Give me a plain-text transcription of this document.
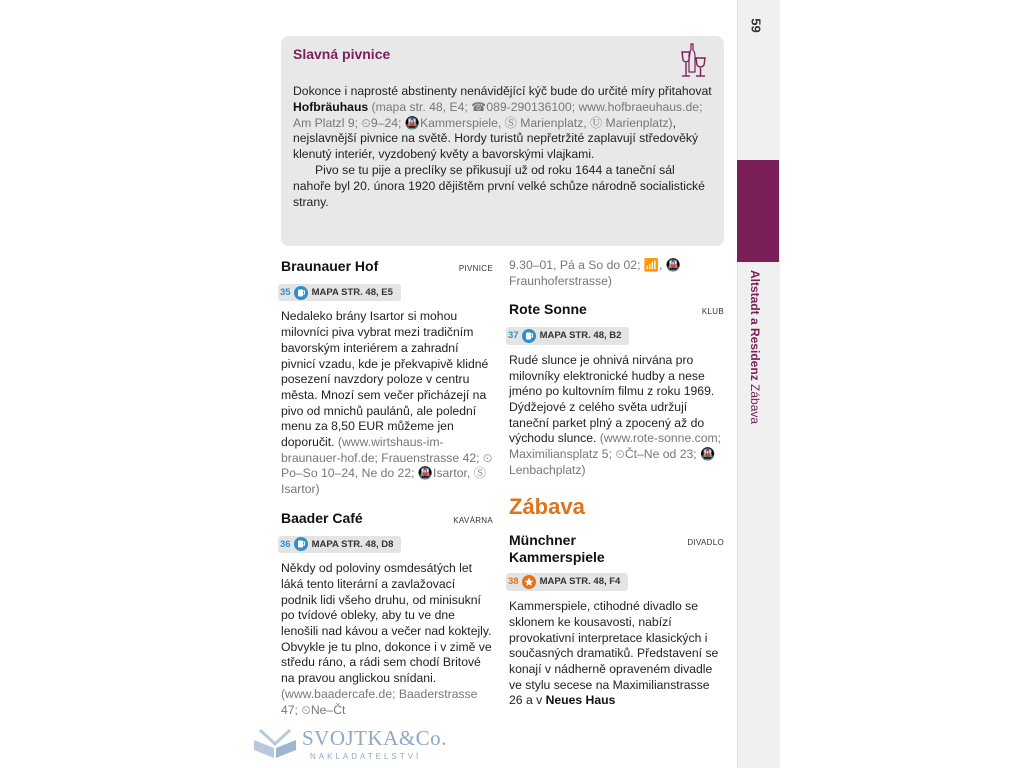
59
Altstadt a Residenz Zábava
Slavná pivnice

Dokonce i naprosté abstinenty nenávidějící kýč bude do určité míry přitahovat Hofbräuhaus (mapa str. 48, E4; ☎089-290136100; www.hofbraeuhaus.de; Am Platzl 9; ⏲9–24; 🚇Kammerspiele, Ⓢ Marienplatz, Ⓤ Marienplatz), nejslavnější pivnice na světě. Hordy turistů nepřetržité zaplavují středověký klenutý interiér, vyzdobený květy a bavorskými vlajkami.

Pivo se tu pije a preclíky se přikusují už od roku 1644 a taneční sál nahoře byl 20. února 1920 dějištěm první velké schůze národně socialistické strany.

Braunauer Hof	PIVNICE
35 MAPA STR. 48, E5

Nedaleko brány Isartor si mohou milovníci piva vybrat mezi tradičním bavorským interiérem a zahradní pivnicí vzadu, kde je překvapivě klidné posezení navzdory poloze v centru města. Mnozí sem večer přicházejí na pivo od mnichů paulánů, ale polední menu za 8,50 EUR můžeme jen doporučit. (www.wirtshaus-im-braunauer-hof.de; Frauenstrasse 42; ⏲Po–So 10–24, Ne do 22; 🚇Isartor, Ⓢ Isartor)

Baader Café	KAVÁRNA
36 MAPA STR. 48, D8

Někdy od poloviny osmdesátých let láká tento literární a zavlažovací podnik lidi všeho druhu, od minisukní po tvídové obleky, aby tu ve dne lenošili nad kávou a večer nad koktejly. Obvykle je tu plno, dokonce i v zimě ve středu ráno, a rádi sem chodí Britové na pravou anglickou snídani. (www.baadercafe.de; Baaderstrasse 47; ⏲Ne–Čt

9.30–01, Pá a So do 02; 📶, 🚇Fraunhoferstrasse)

Rote Sonne	KLUB
37 MAPA STR. 48, B2

Rudé slunce je ohnivá nirvána pro milovníky elektronické hudby a nese jméno po kultovním filmu z roku 1969. Dýdžejové z celého světa udržují taneční parket plný a zpocený až do východu slunce. (www.rote-sonne.com; Maximiliansplatz 5; ⏲Čt–Ne od 23; 🚇Lenbachplatz)

Zábava
Münchner Kammerspiele
DIVADLO
38 MAPA STR. 48, F4

Kammerspiele, ctihodné divadlo se sklonem ke kousavosti, nabízí provokativní interpretace klasických i současných dramatiků. Představení se konají v nádherně opraveném divadle ve stylu secese na Maximilianstrasse 26 a v Neues Haus

SVOJTKA&Co.
NAKLADATELSTVÍ
